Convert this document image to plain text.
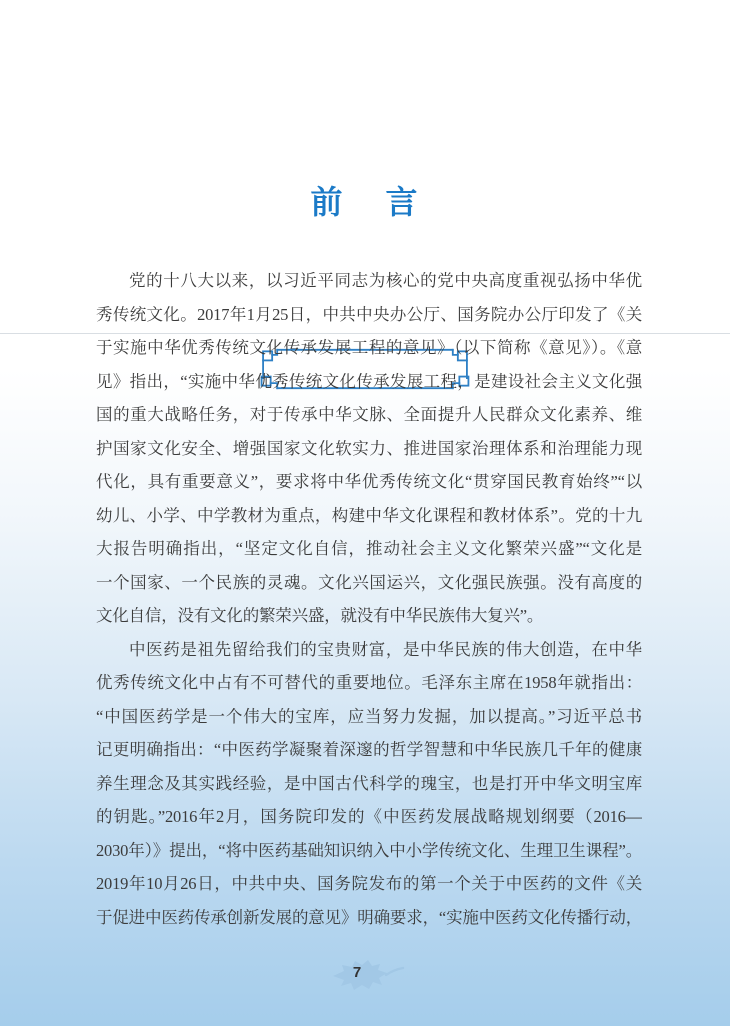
前 言
党的十八大以来，以习近平同志为核心的党中央高度重视弘扬中华优
秀传统文化。2017年1月25日，中共中央办公厅、国务院办公厅印发了《关
于实施中华优秀传统文化传承发展工程的意见》（以下简称《意见》）。《意
见》指出，“实施中华优秀传统文化传承发展工程，是建设社会主义文化强
国的重大战略任务，对于传承中华文脉、全面提升人民群众文化素养、维
护国家文化安全、增强国家文化软实力、推进国家治理体系和治理能力现
代化，具有重要意义”，要求将中华优秀传统文化“贯穿国民教育始终”“以
幼儿、小学、中学教材为重点，构建中华文化课程和教材体系”。党的十九
大报告明确指出，“坚定文化自信，推动社会主义文化繁荣兴盛”“文化是
一个国家、一个民族的灵魂。文化兴国运兴，文化强民族强。没有高度的
文化自信，没有文化的繁荣兴盛，就没有中华民族伟大复兴”。
中医药是祖先留给我们的宝贵财富，是中华民族的伟大创造，在中华
优秀传统文化中占有不可替代的重要地位。毛泽东主席在1958年就指出：
“中国医药学是一个伟大的宝库，应当努力发掘，加以提高。”习近平总书
记更明确指出：“中医药学凝聚着深邃的哲学智慧和中华民族几千年的健康
养生理念及其实践经验，是中国古代科学的瑰宝，也是打开中华文明宝库
的钥匙。”2016年2月，国务院印发的《中医药发展战略规划纲要（2016—
2030年）》提出，“将中医药基础知识纳入中小学传统文化、生理卫生课程”。
2019年10月26日，中共中央、国务院发布的第一个关于中医药的文件《关
于促进中医药传承创新发展的意见》明确要求，“实施中医药文化传播行动，
7
